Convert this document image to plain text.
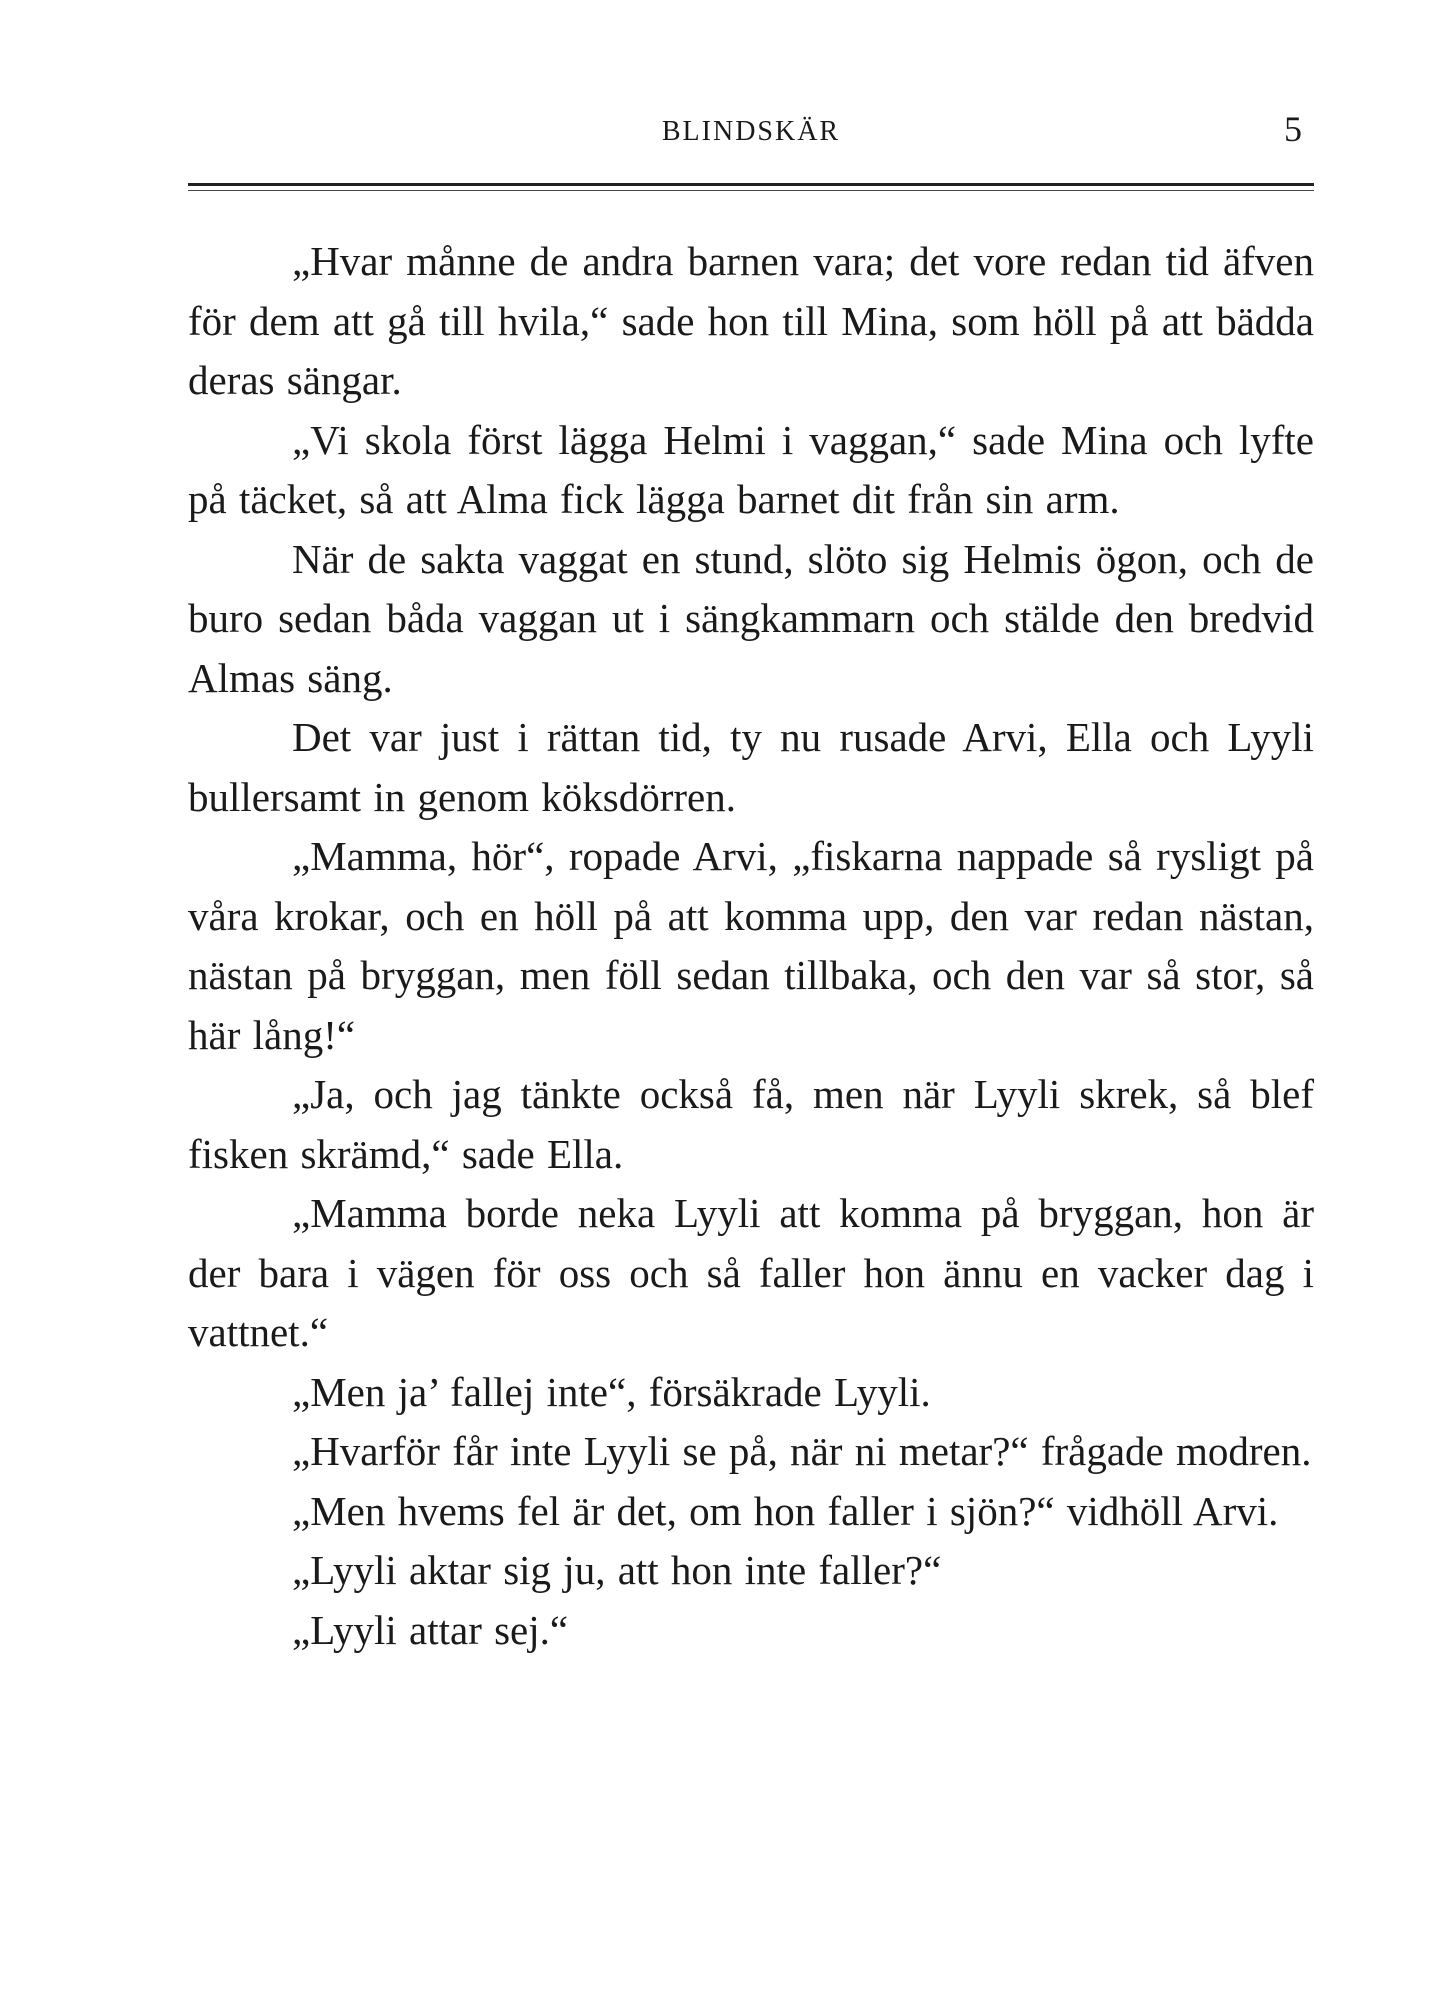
BLINDSKÄR	5

„Hvar månne de andra barnen vara; det vore redan tid äfven för dem att gå till hvila,“ sade hon till Mina, som höll på att bädda deras sängar.

„Vi skola först lägga Helmi i vaggan,“ sade Mina och lyfte på täcket, så att Alma fick lägga barnet dit från sin arm.

När de sakta vaggat en stund, slöto sig Helmis ögon, och de buro sedan båda vaggan ut i sängkammarn och stälde den bredvid Almas säng.

Det var just i rättan tid, ty nu rusade Arvi, Ella och Lyyli bullersamt in genom köksdörren.

„Mamma, hör“, ropade Arvi, „fiskarna nappade så rysligt på våra krokar, och en höll på att komma upp, den var redan nästan, nästan på bryggan, men föll sedan tillbaka, och den var så stor, så här lång!“

„Ja, och jag tänkte också få, men när Lyyli skrek, så blef fisken skrämd,“ sade Ella.

„Mamma borde neka Lyyli att komma på bryggan, hon är der bara i vägen för oss och så faller hon ännu en vacker dag i vattnet.“

„Men ja’ fallej inte“, försäkrade Lyyli.

„Hvarför får inte Lyyli se på, när ni metar?“ frågade modren.

„Men hvems fel är det, om hon faller i sjön?“ vidhöll Arvi.

„Lyyli aktar sig ju, att hon inte faller?“

„Lyyli attar sej.“
